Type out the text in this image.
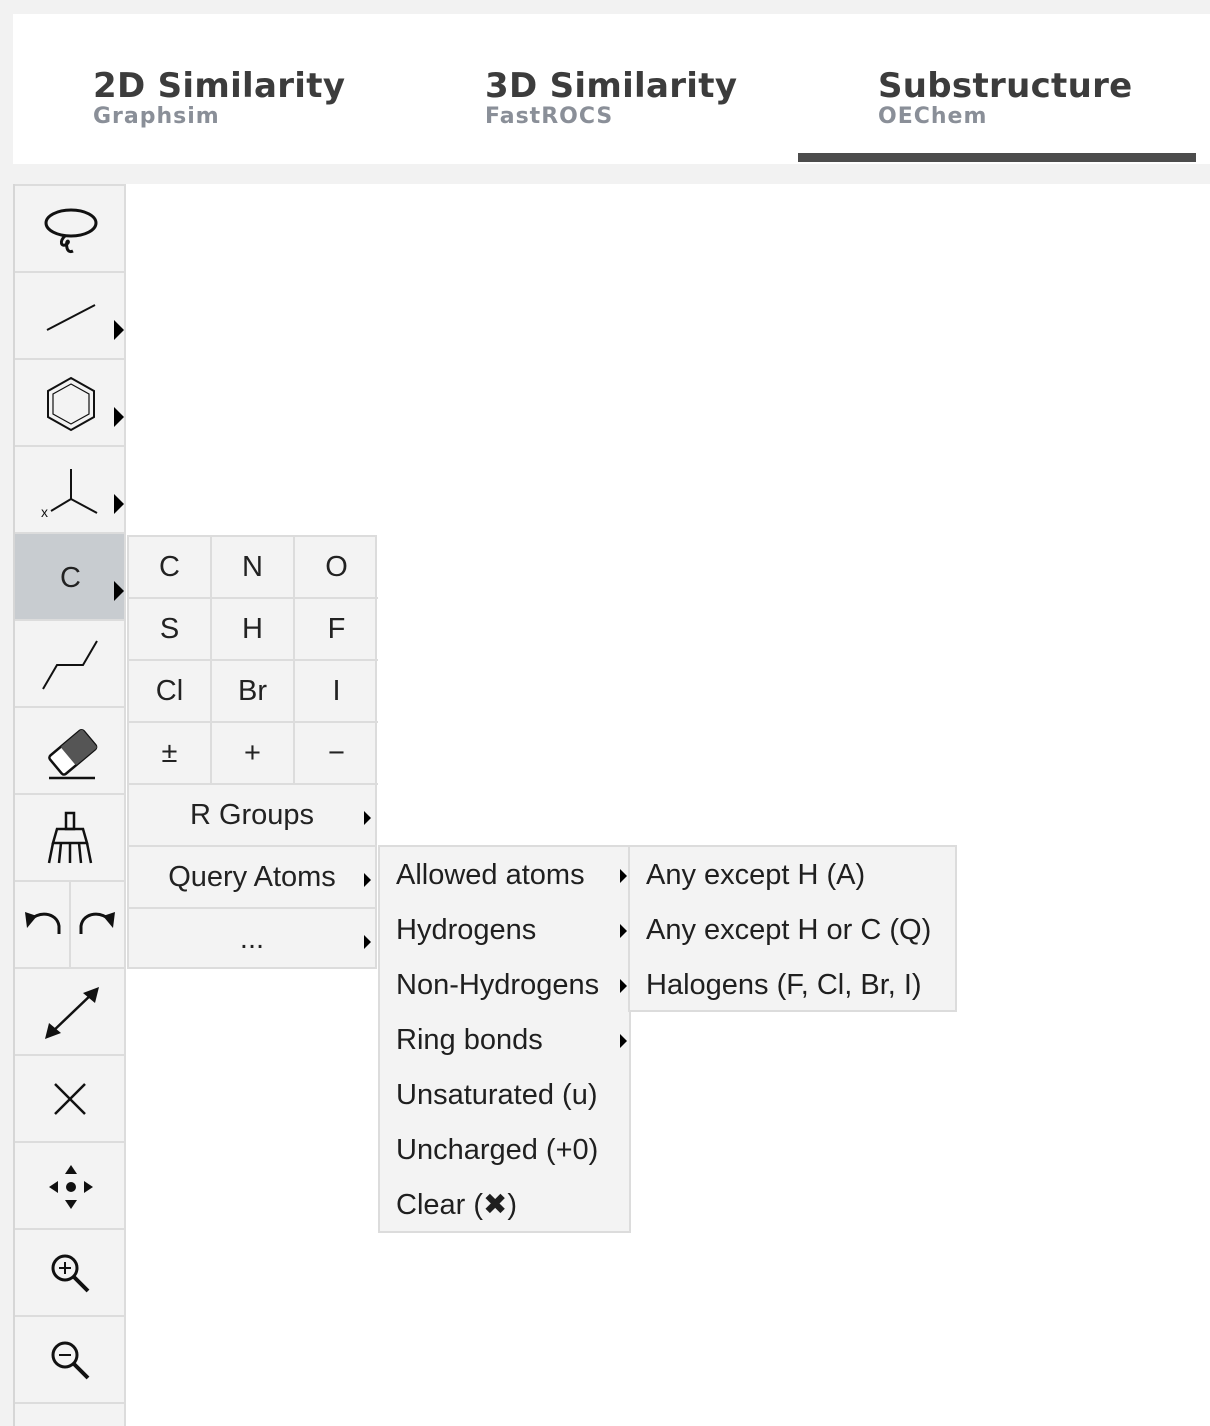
2D Similarity
Graphsim
3D Similarity
FastROCS
Substructure
OEChem
x
C	C	N	O
S	H	F
Cl	Br	I
±	+	−
R Groups
Query Atoms
...
Allowed atoms
Hydrogens
Non-Hydrogens
Ring bonds
Unsaturated (u)
Uncharged (+0)
Clear (✖)
Any except H (A)
Any except H or C (Q)
Halogens (F, Cl, Br, I)
